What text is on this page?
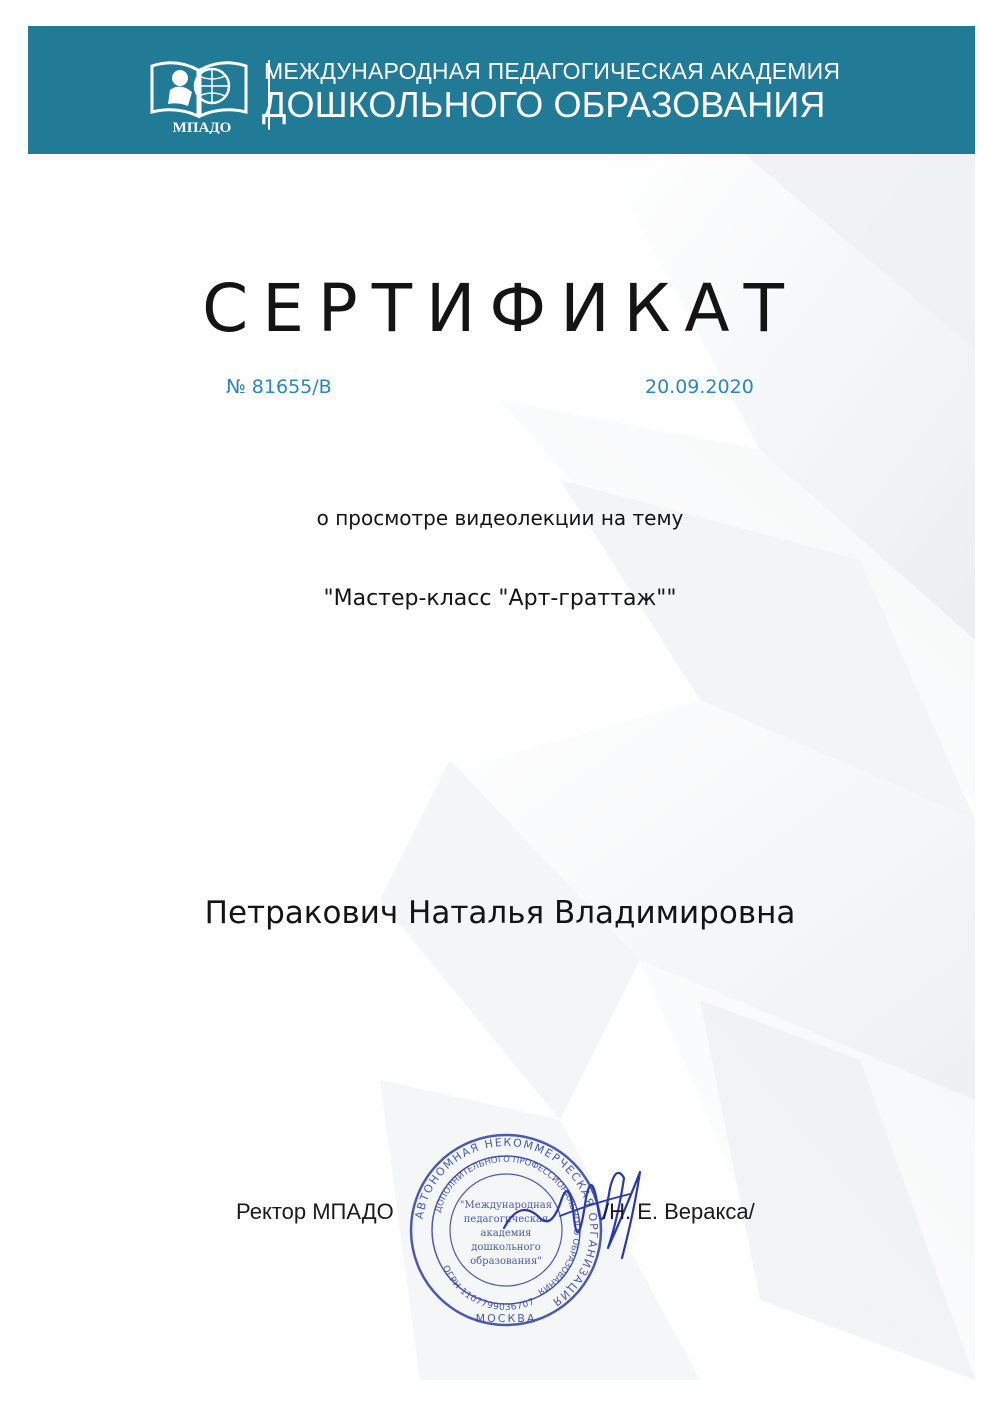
МПАДО
МЕЖДУНАРОДНАЯ ПЕДАГОГИЧЕСКАЯ АКАДЕМИЯ
ДОШКОЛЬНОГО ОБРАЗОВАНИЯ
СЕРТИФИКАТ
№ 81655/В	20.09.2020
о просмотре видеолекции на тему
"Мастер-класс "Арт-граттаж""
Петракович Наталья Владимировна
Ректор МПАДО АВТОНОМНАЯ НЕКОММЕРЧЕСКАЯ ОРГАНИЗАЦИЯ
ДОПОЛНИТЕЛЬНОГО ПРОФЕССИОНАЛЬНОГО ОБРАЗОВАНИЯ
ОГРН 1107799036707
"Международная
педагогическая
академия
дошкольного
образования"
МОСКВА
/Н. Е. Веракса/
